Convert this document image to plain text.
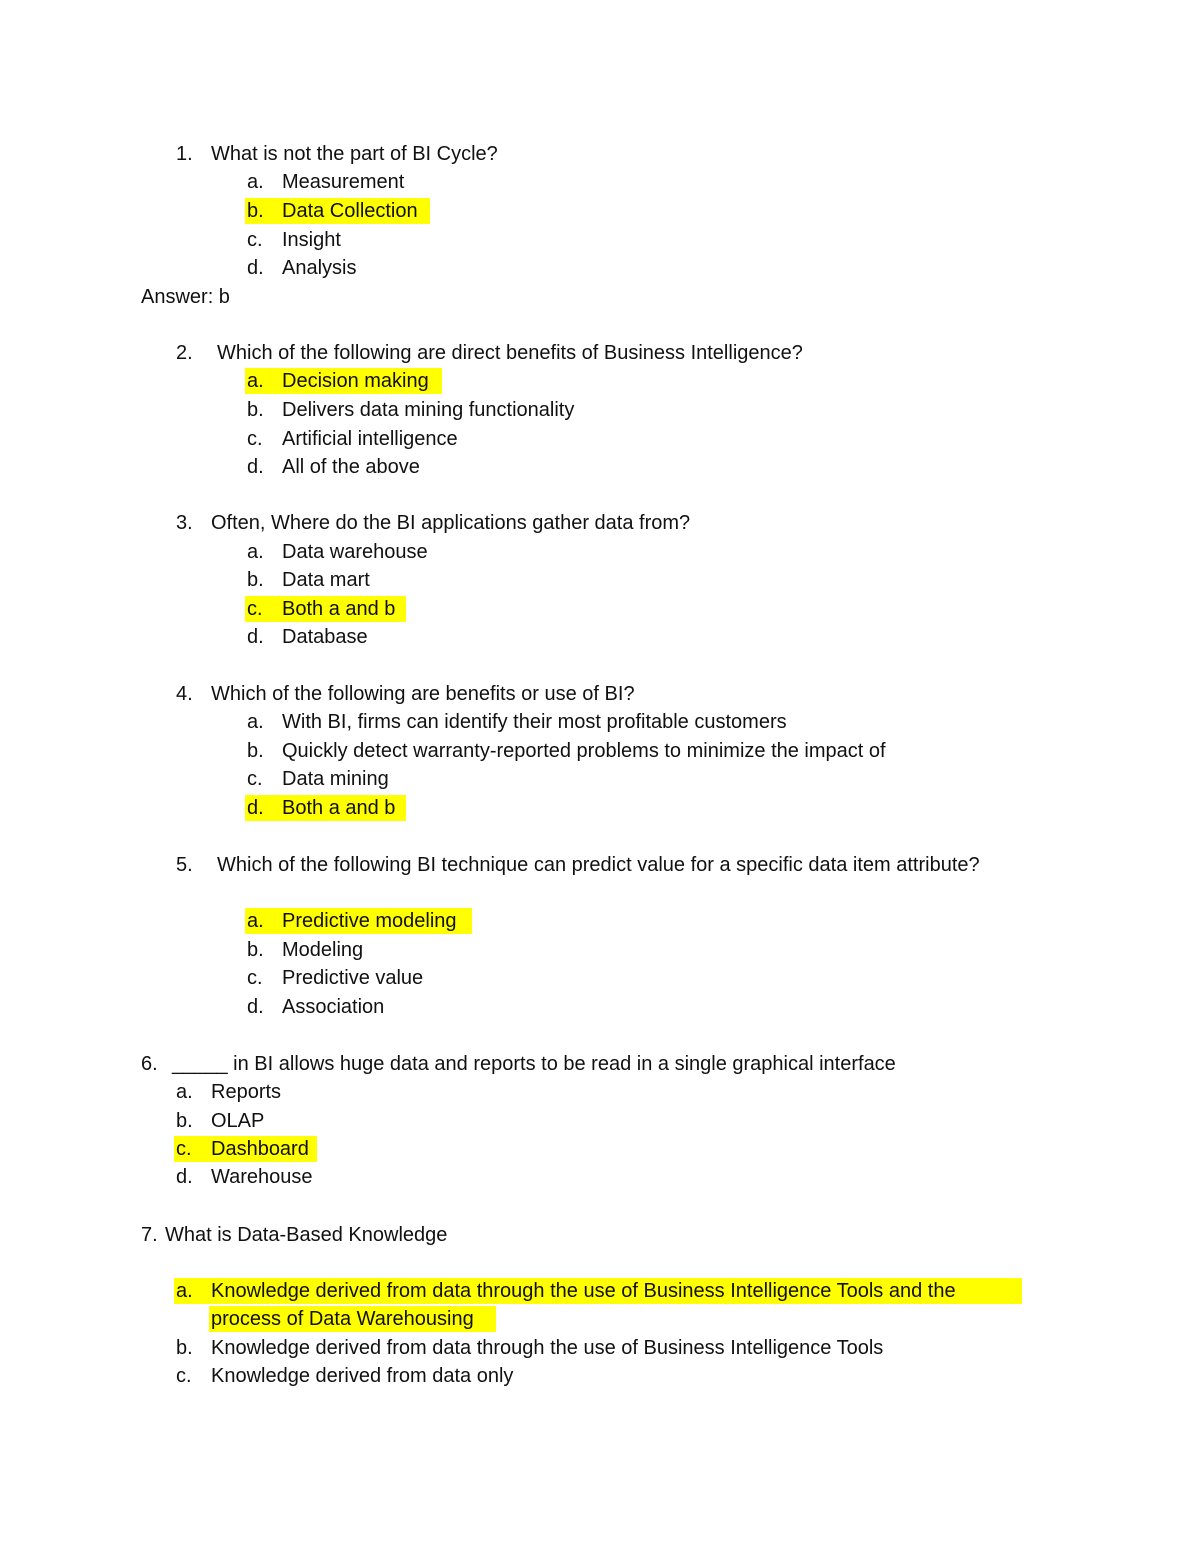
1. What is not the part of BI Cycle?
a. Measurement
b. Data Collection
c. Insight
d. Analysis
Answer: b
2. Which of the following are direct benefits of Business Intelligence?
a. Decision making
b. Delivers data mining functionality
c. Artificial intelligence
d. All of the above
3. Often, Where do the BI applications gather data from?
a. Data warehouse
b. Data mart
c. Both a and b
d. Database
4. Which of the following are benefits or use of BI?
a. With BI, firms can identify their most profitable customers
b. Quickly detect warranty-reported problems to minimize the impact of
c. Data mining
d. Both a and b
5. Which of the following BI technique can predict value for a specific data item attribute?
a. Predictive modeling
b. Modeling
c. Predictive value
d. Association
6. _____ in BI allows huge data and reports to be read in a single graphical interface
a. Reports
b. OLAP
c. Dashboard
d. Warehouse
7. What is Data-Based Knowledge
a. Knowledge derived from data through the use of Business Intelligence Tools and the
process of Data Warehousing
b. Knowledge derived from data through the use of Business Intelligence Tools
c. Knowledge derived from data only
